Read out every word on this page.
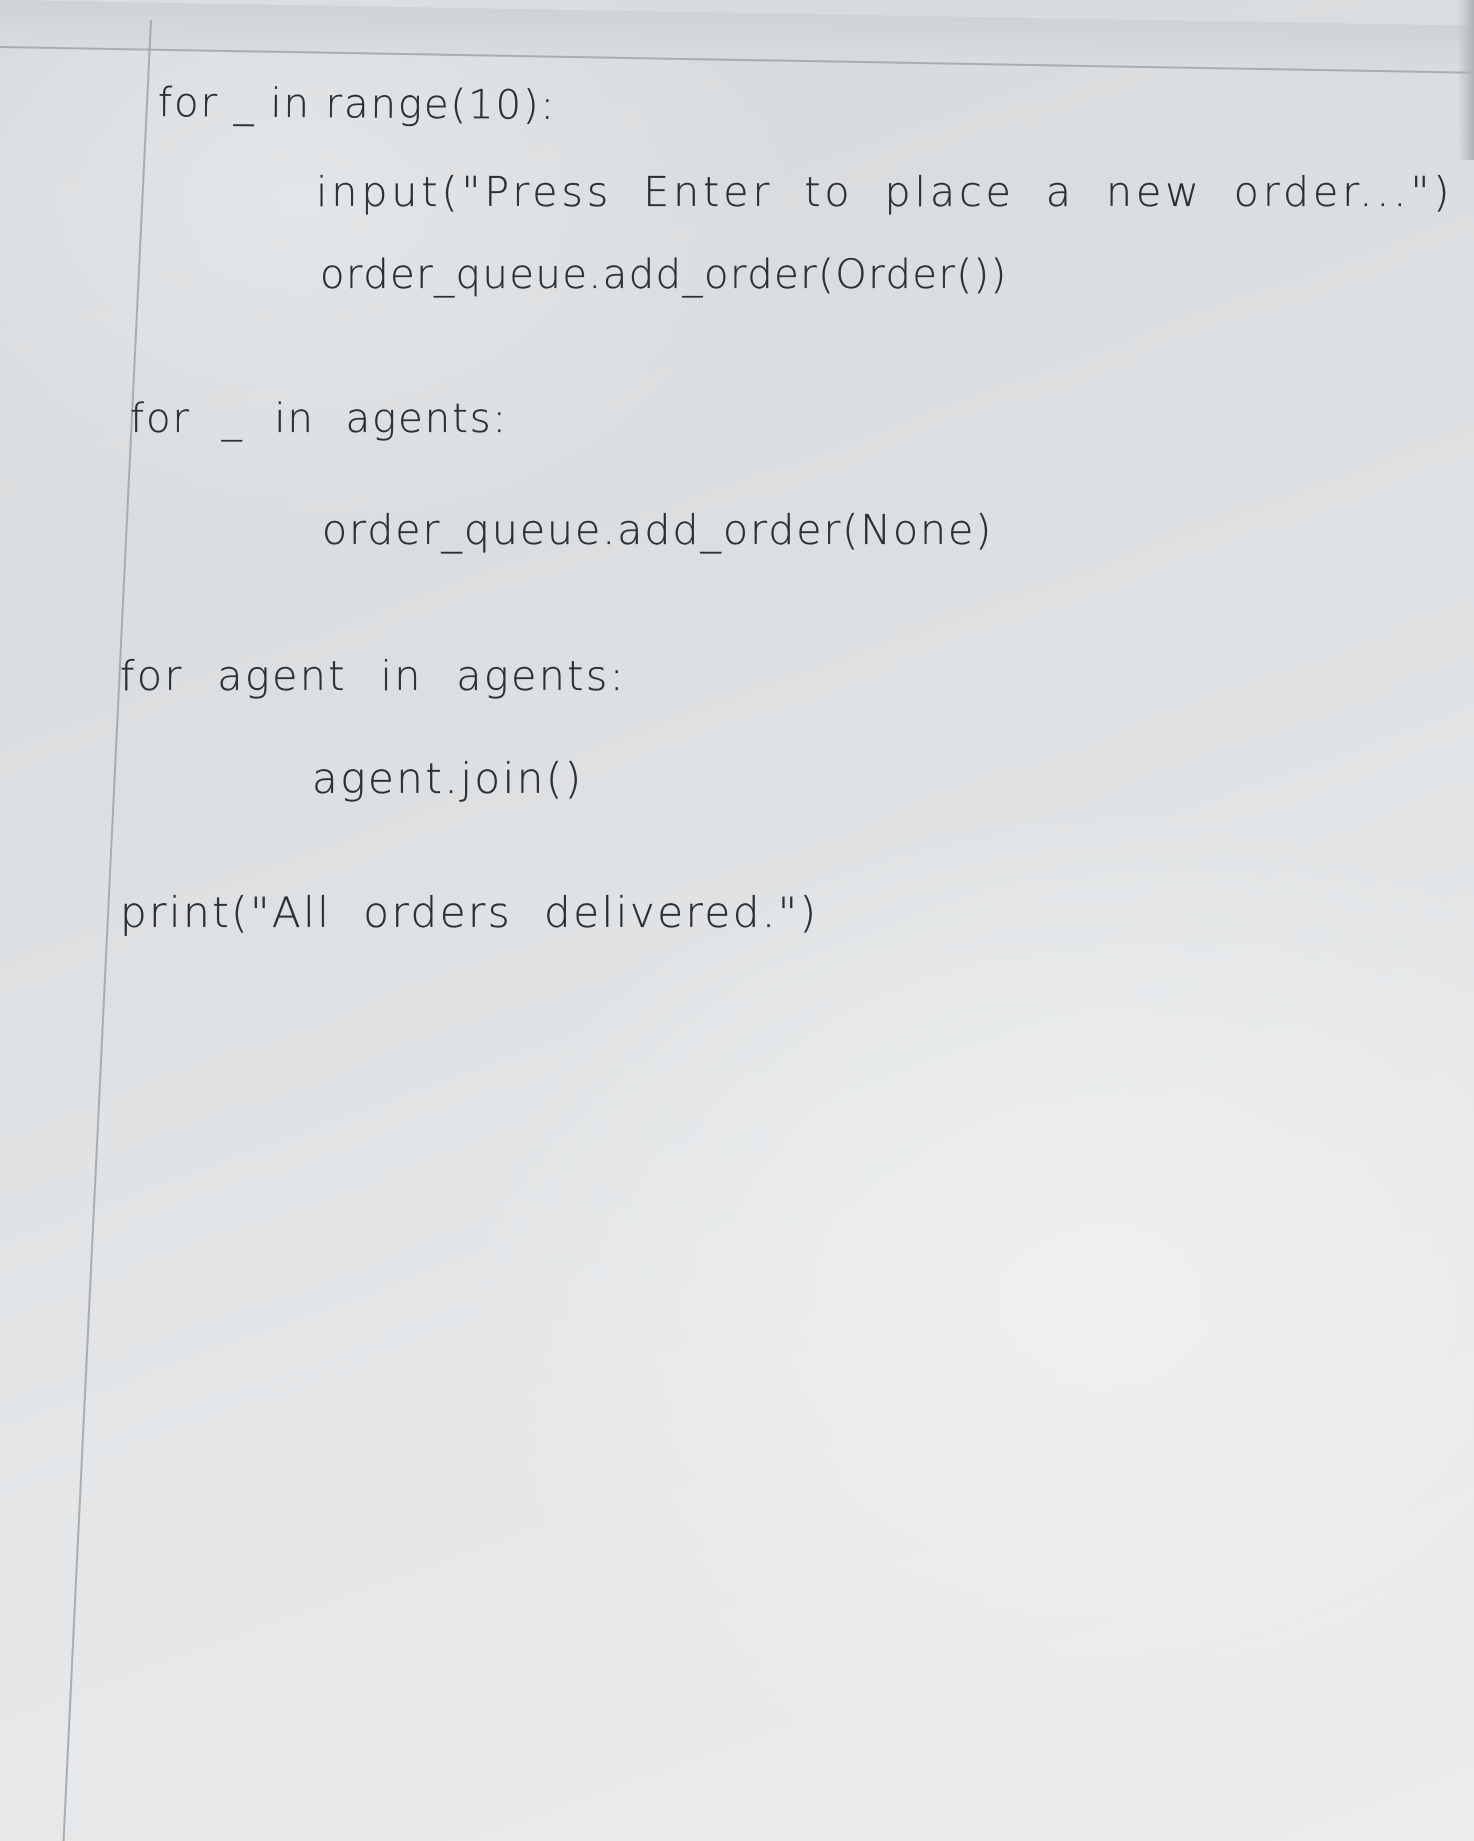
for _ in range(10):
input("Press Enter to place a new order...")
order_queue.add_order(Order())
for _ in agents:
order_queue.add_order(None)
for agent in agents:
agent.join()
print("All orders delivered.")
